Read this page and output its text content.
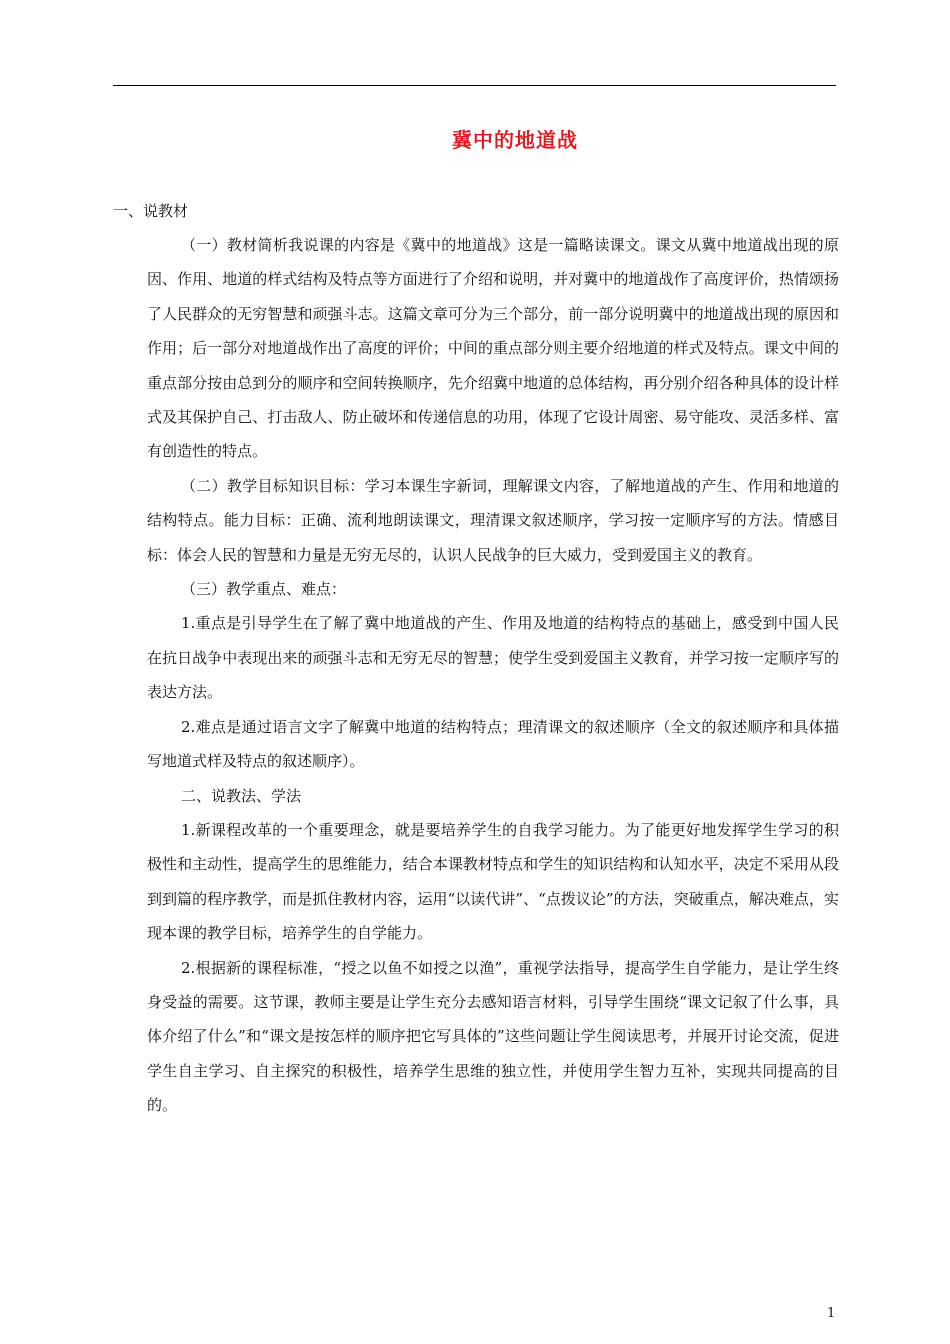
冀中的地道战
一、说教材

（一）教材简析我说课的内容是《冀中的地道战》这是一篇略读课文。课文从冀中地道战出现的原因、作用、地道的样式结构及特点等方面进行了介绍和说明，并对冀中的地道战作了高度评价，热情颂扬了人民群众的无穷智慧和顽强斗志。这篇文章可分为三个部分，前一部分说明冀中的地道战出现的原因和作用；后一部分对地道战作出了高度的评价；中间的重点部分则主要介绍地道的样式及特点。课文中间的重点部分按由总到分的顺序和空间转换顺序，先介绍冀中地道的总体结构，再分别介绍各种具体的设计样式及其保护自己、打击敌人、防止破坏和传递信息的功用，体现了它设计周密、易守能攻、灵活多样、富有创造性的特点。

（二）教学目标知识目标：学习本课生字新词，理解课文内容，了解地道战的产生、作用和地道的结构特点。能力目标：正确、流利地朗读课文，理清课文叙述顺序，学习按一定顺序写的方法。情感目标：体会人民的智慧和力量是无穷无尽的，认识人民战争的巨大威力，受到爱国主义的教育。

（三）教学重点、难点：

1.重点是引导学生在了解了冀中地道战的产生、作用及地道的结构特点的基础上，感受到中国人民在抗日战争中表现出来的顽强斗志和无穷无尽的智慧；使学生受到爱国主义教育，并学习按一定顺序写的表达方法。

2.难点是通过语言文字了解冀中地道的结构特点；理清课文的叙述顺序（全文的叙述顺序和具体描写地道式样及特点的叙述顺序）。

二、说教法、学法

1.新课程改革的一个重要理念，就是要培养学生的自我学习能力。为了能更好地发挥学生学习的积极性和主动性，提高学生的思维能力，结合本课教材特点和学生的知识结构和认知水平，决定不采用从段到到篇的程序教学，而是抓住教材内容，运用“以读代讲”、“点拨议论”的方法，突破重点，解决难点，实现本课的教学目标，培养学生的自学能力。

2.根据新的课程标准，“授之以鱼不如授之以渔”，重视学法指导，提高学生自学能力，是让学生终身受益的需要。这节课，教师主要是让学生充分去感知语言材料，引导学生围绕“课文记叙了什么事，具体介绍了什么”和“课文是按怎样的顺序把它写具体的”这些问题让学生阅读思考，并展开讨论交流，促进学生自主学习、自主探究的积极性，培养学生思维的独立性，并使用学生智力互补，实现共同提高的目的。

1
